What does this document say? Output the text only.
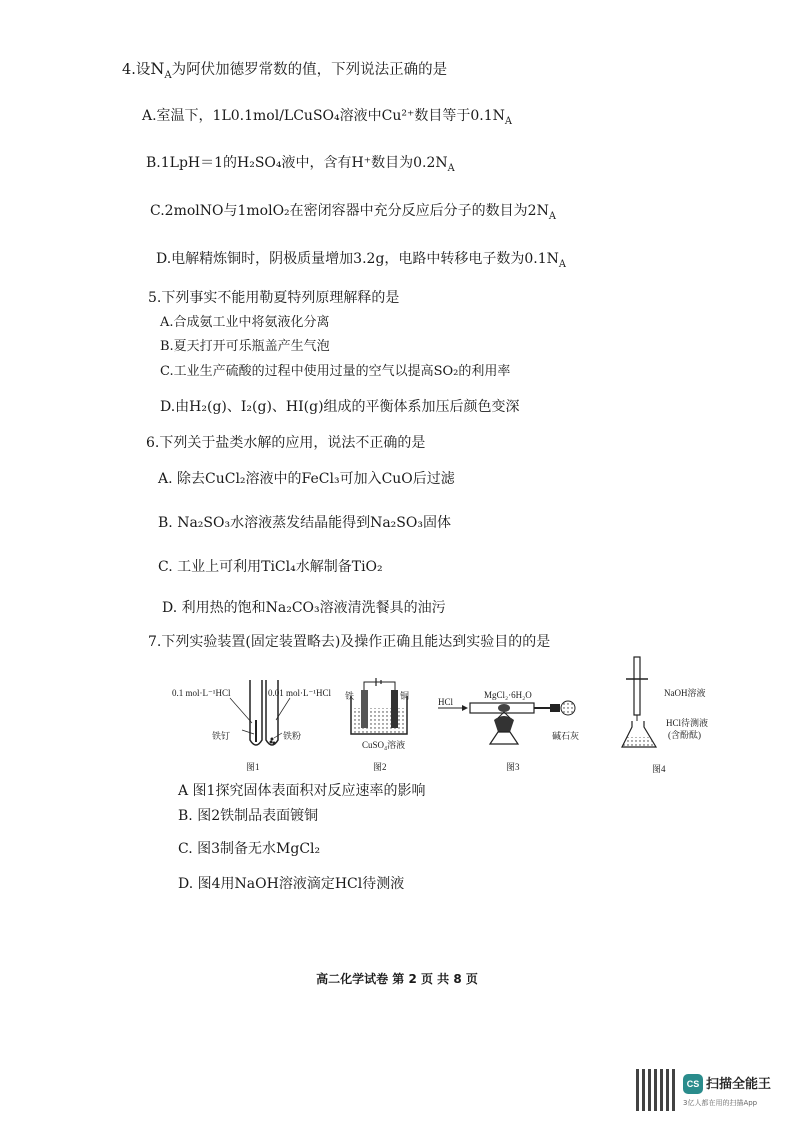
4.设$N_A$为阿伏加德罗常数的值，下列说法正确的是
A.室温下，1L0.1mol/LCuSO₄溶液中Cu²⁺数目等于$0.1N_A$
B.1LpH＝1的H₂SO₄液中，含有H⁺数目为$0.2N_A$
C.2molNO与1molO₂在密闭容器中充分反应后分子的数目为$2N_A$
D.电解精炼铜时，阴极质量增加3.2g，电路中转移电子数为$0.1N_A$
5.下列事实不能用勒夏特列原理解释的是
A.合成氨工业中将氨液化分离
B.夏天打开可乐瓶盖产生气泡
C.工业生产硫酸的过程中使用过量的空气以提高SO₂的利用率
D.由H₂(g)、I₂(g)、HI(g)组成的平衡体系加压后颜色变深
6.下列关于盐类水解的应用，说法不正确的是
A. 除去CuCl₂溶液中的FeCl₃可加入CuO后过滤
B. Na₂SO₃水溶液蒸发结晶能得到Na₂SO₃固体
C. 工业上可利用TiCl₄水解制备TiO₂
D. 利用热的饱和Na₂CO₃溶液清洗餐具的油污
7.下列实验装置(固定装置略去)及操作正确且能达到实验目的的是
0.1 mol·L⁻¹HCl	0.01 mol·L⁻¹HCl
铁钉	铁粉
图1
铁	铜
CuSO₄溶液
图2
HCl
MgCl₂·6H₂O
碱石灰
图3
NaOH溶液
HCl待测液
(含酚酞)
图4
A 图1探究固体表面积对反应速率的影响
B. 图2铁制品表面镀铜
C. 图3制备无水MgCl₂
D. 图4用NaOH溶液滴定HCl待测液
高二化学试卷 第 2 页 共 8 页
CS 扫描全能王
3亿人都在用的扫描App
